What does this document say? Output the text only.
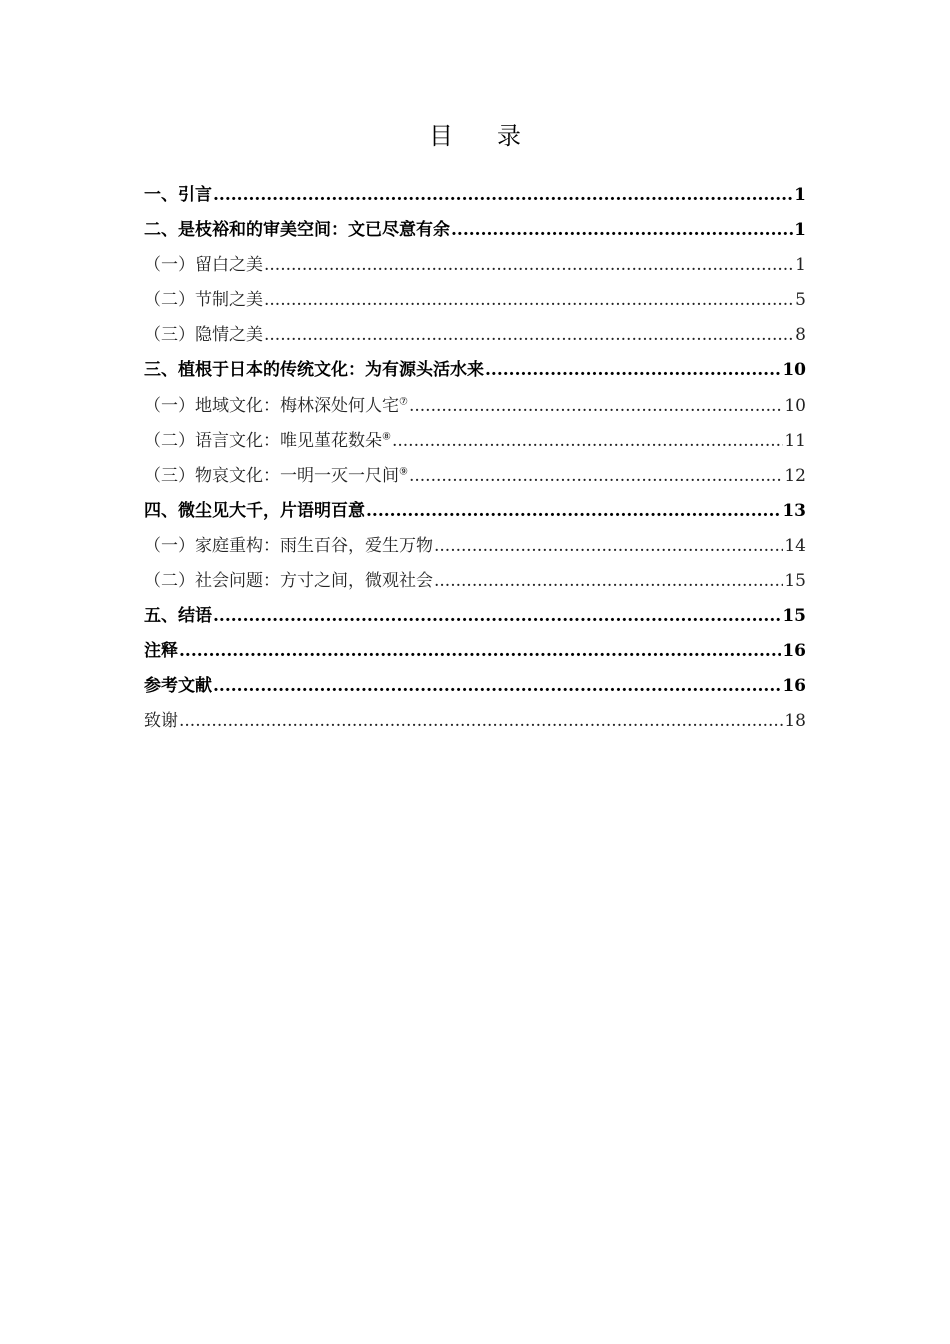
目录
一、引言 .....	1
二、是枝裕和的审美空间：文已尽意有余 .....	1
（一）留白之美 .....	1
（二）节制之美 .....	5
（三）隐情之美 .....	8
三、植根于日本的传统文化：为有源头活水来 .....	10
（一）地域文化：梅林深处何人宅⑦ .....	10
（二）语言文化：唯见堇花数朵⑧ .....	11
（三）物哀文化：一明一灭一尺间⑨ .....	12
四、微尘见大千，片语明百意 .....	13
（一）家庭重构：雨生百谷，爱生万物 .....	14
（二）社会问题：方寸之间，微观社会 .....	15
五、结语 .....	15
注释 .....	16
参考文献 .....	16
致谢 .....	18
